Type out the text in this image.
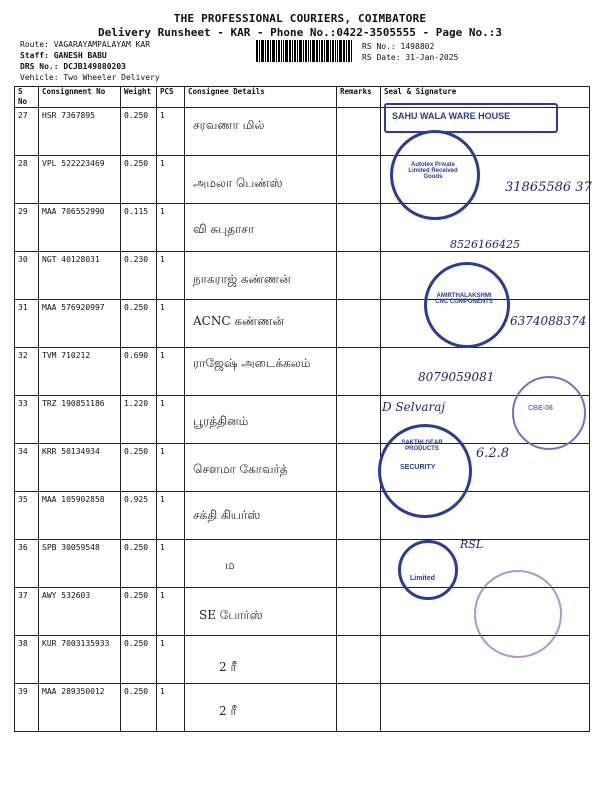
THE PROFESSIONAL COURIERS, COIMBATORE
Delivery Runsheet - KAR - Phone No.:0422-3505555 - Page No.:3
Route: VAGARAYAMPALAYAM KAR
Staff: GANESH BABU
DRS No.: DCJB149880203
Vehicle: Two Wheeler Delivery
RS No.: 1498802
RS Date: 31-Jan-2025
S No	Consignment No	Weight	PCS	Consignee Details	Remarks	Seal & Signature
27	HSR 7367895	0.250	1	சரவணா மில்		

28	VPL 522223469	0.250	1	அமலா பெண்ஸ்		

29	MAA 706552990	0.115	1	வி சுபுதாசா		

30	NGT 40128031	0.230	1	நாகராஜ் கண்ணன்		

31	MAA 576920997	0.250	1	ACNC கண்ணன்		

32	TVM 710212	0.690	1	ராஜேஷ் அடைக்கலம்		

33	TRZ 190851186	1.220	1	பூரத்தினம்		

34	KRR 50134934	0.250	1	சௌமா கோவர்த்		

35	MAA 105902858	0.925	1	சக்தி கியர்ஸ்		

36	SPB 30059548	0.250	1	ம		

37	AWY 532603	0.250	1	SE போர்ஸ்		

38	KUR 7003135933	0.250	1	2 ரீ		

39	MAA 289350012	0.250	1	2 ரீ		

SAHU WALA WARE HOUSE
Autotex Private Limited Received Goods
AMIRTHALAKSHMI CNC COMPONENTS
CBE-06
SAKTHI GEAR PRODUCTS
SECURITY
Limited
31865586 37
8526166425
6374088374
8079059081
D Selvaraj
6.2.8
RSL
